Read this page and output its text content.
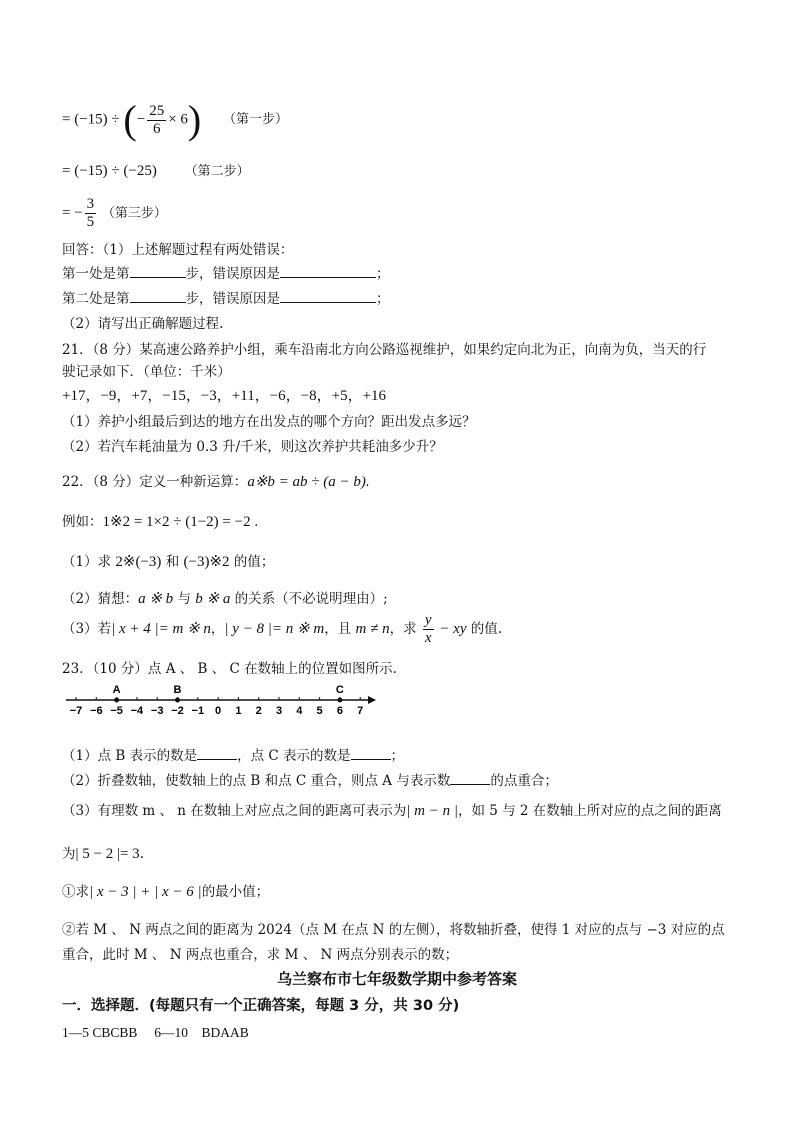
= (−15) ÷ (− $\frac{25}{6} \times 6$) （第一步）
= (−15) ÷ (−25) （第二步）
= − $\frac{3}{5}$ （第三步）
回答：（1）上述解题过程有两处错误：
第一处是第	步，错误原因是	；
第二处是第	步，错误原因是	；
（2）请写出正确解题过程.
21．（8 分）某高速公路养护小组，乘车沿南北方向公路巡视维护，如果约定向北为正，向南为负，当天的行
驶记录如下．（单位：千米）
+17，−9，+7，−15，−3，+11，−6，−8，+5，+16
（1）养护小组最后到达的地方在出发点的哪个方向？距出发点多远？
（2）若汽车耗油量为 0.3 升/千米，则这次养护共耗油多少升？
22．（8 分）定义一种新运算：a※b = ab ÷ (a − b).
例如：1※2 = 1×2 ÷ (1−2) = −2 .
（1）求 2※(−3) 和 (−3)※2 的值；
（2）猜想：a ※ b 与 b ※ a 的关系（不必说明理由）;
（3）若| x + 4 |= m ※ n，| y − 8 |= n ※ m，且 m ≠ n，求 $\frac{y}{x}$ − xy 的值.
23．（10 分）点 A 、 B 、 C 在数轴上的位置如图所示.
−7 −6 −5 −4 −3 −2 −1 0 1 2 3 4 5 6 7
A	B	C
（1）点 B 表示的数是	，点 C 表示的数是	；
（2）折叠数轴，使数轴上的点 B 和点 C 重合，则点 A 与表示数	的点重合；
（3）有理数 m 、 n 在数轴上对应点之间的距离可表示为| m − n |，如 5 与 2 在数轴上所对应的点之间的距离
为| 5 − 2 |= 3.
①求| x − 3 | + | x − 6 |的最小值；
②若 M 、 N 两点之间的距离为 2024（点 M 在点 N 的左侧），将数轴折叠，使得 1 对应的点与 −3 对应的点
重合，此时 M 、 N 两点也重合，求 M 、 N 两点分别表示的数；
乌兰察布市七年级数学期中参考答案
一．选择题．(每题只有一个正确答案，每题 3 分，共 30 分)
1—5 CBCBB　 6—10　BDAAB
